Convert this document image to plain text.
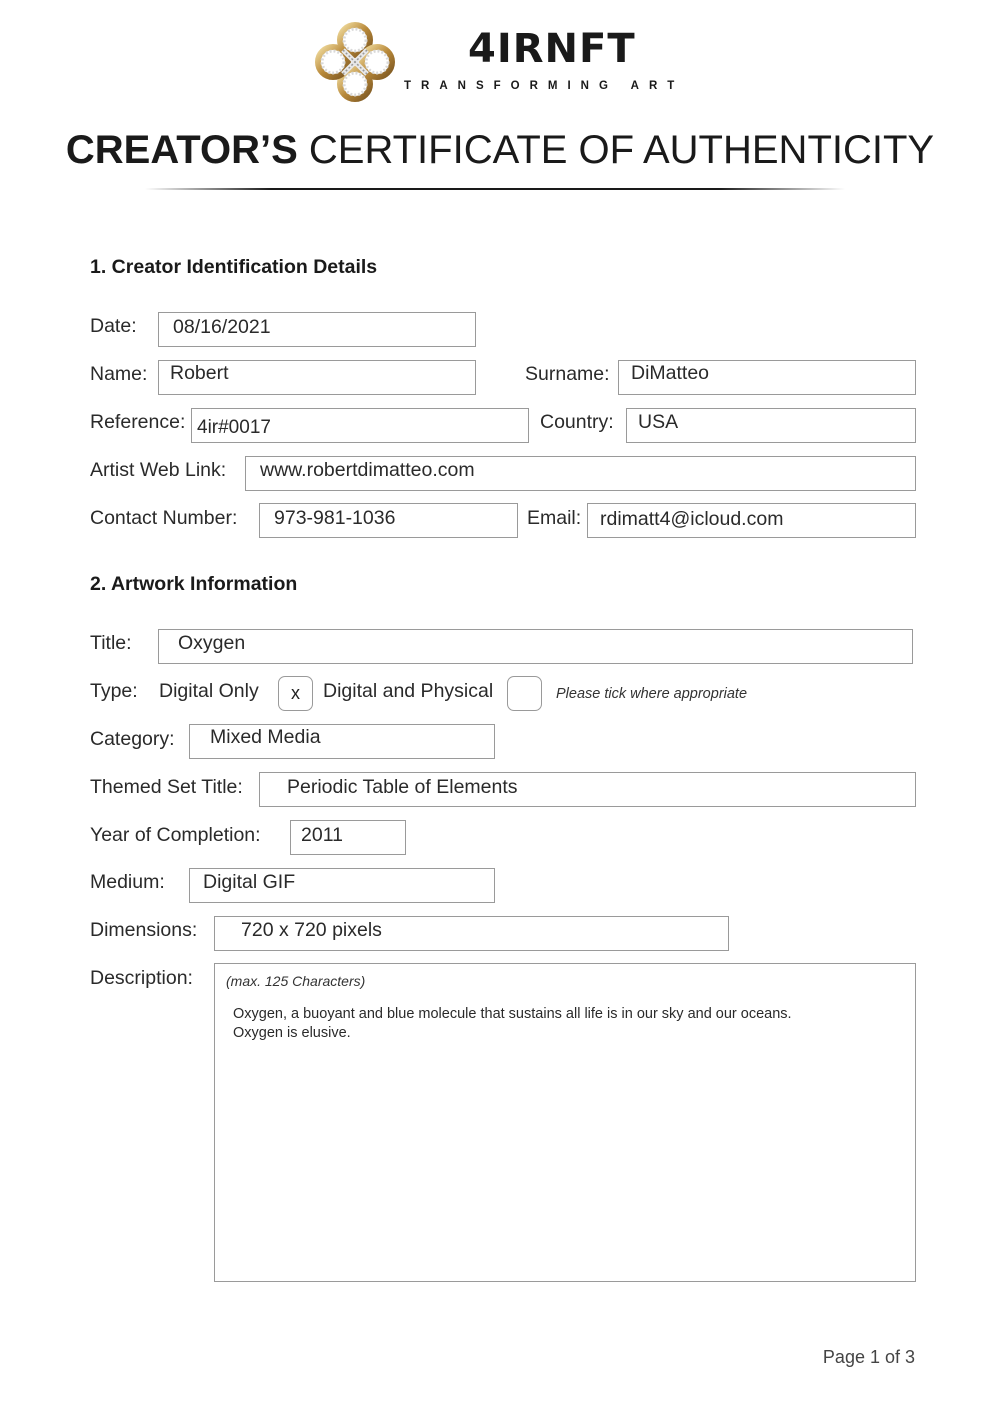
4IRNFT
TRANSFORMING ART
CREATOR’S CERTIFICATE OF AUTHENTICITY
1. Creator Identification Details
Date: 08/16/2021
Name: Robert	Surname: DiMatteo
Reference: 4ir#0017	Country: USA
Artist Web Link: www.robertdimatteo.com
Contact Number: 973-981-1036	Email: rdimatt4@icloud.com
2. Artwork Information
Title: Oxygen
Type: Digital Only	x	Digital and Physical	Please tick where appropriate
Category: Mixed Media
Themed Set Title: Periodic Table of Elements
Year of Completion: 2011
Medium: Digital GIF
Dimensions: 720 x 720 pixels
Description: (max. 125 Characters)
Oxygen, a buoyant and blue molecule that sustains all life is in our sky and our oceans. Oxygen is elusive.
Page 1 of 3
